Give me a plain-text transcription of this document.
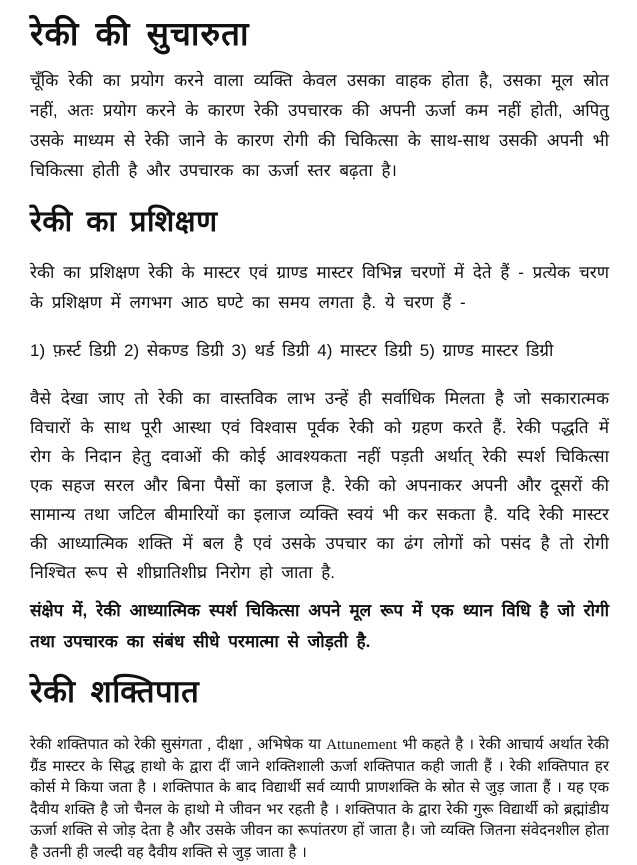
रेकी की सुचारुता

चूँकि रेकी का प्रयोग करने वाला व्यक्ति केवल उसका वाहक होता है, उसका मूल स्रोत नहीं, अतः प्रयोग करने के कारण रेकी उपचारक की अपनी ऊर्जा कम नहीं होती, अपितु उसके माध्यम से रेकी जाने के कारण रोगी की चिकित्सा के साथ-साथ उसकी अपनी भी चिकित्सा होती है और उपचारक का ऊर्जा स्तर बढ़ता है।

रेकी का प्रशिक्षण

रेकी का प्रशिक्षण रेकी के मास्टर एवं ग्राण्ड मास्टर विभिन्न चरणों में देते हैं - प्रत्येक चरण के प्रशिक्षण में लगभग आठ घण्टे का समय लगता है. ये चरण हैं -

1) फ़र्स्ट डिग्री 2) सेकण्ड डिग्री 3) थर्ड डिग्री 4) मास्टर डिग्री 5) ग्राण्ड मास्टर डिग्री

वैसे देखा जाए तो रेकी का वास्तविक लाभ उन्हें ही सर्वाधिक मिलता है जो सकारात्मक विचारों के साथ पूरी आस्था एवं विश्वास पूर्वक रेकी को ग्रहण करते हैं. रेकी पद्धति में रोग के निदान हेतु दवाओं की कोई आवश्यकता नहीं पड़ती अर्थात् रेकी स्पर्श चिकित्सा एक सहज सरल और बिना पैसों का इलाज है. रेकी को अपनाकर अपनी और दूसरों की सामान्य तथा जटिल बीमारियों का इलाज व्यक्ति स्वयं भी कर सकता है. यदि रेकी मास्टर की आध्यात्मिक शक्ति में बल है एवं उसके उपचार का ढंग लोगों को पसंद है तो रोगी निश्चित रूप से शीघ्रातिशीघ्र निरोग हो जाता है.

संक्षेप में, रेकी आध्यात्मिक स्पर्श चिकित्सा अपने मूल रूप में एक ध्यान विधि है जो रोगी तथा उपचारक का संबंध सीधे परमात्मा से जोड़ती है.

रेकी शक्तिपात

रेकी शक्तिपात को रेकी सुसंगता , दीक्षा , अभिषेक या Attunement भी कहते है । रेकी आचार्य अर्थात रेकी ग्रैंड मास्टर के सिद्ध हाथो के द्वारा दीं जाने शक्तिशाली ऊर्जा शक्तिपात कही जाती हैं । रेकी शक्तिपात हर कोर्स मे किया जता है । शक्तिपात के बाद विद्यार्थी सर्व व्यापी प्राणशक्ति के स्रोत से जुड़ जाता हैं । यह एक दैवीय शक्ति है जो चैनल के हाथो मे जीवन भर रहती है । शक्तिपात के द्वारा रेकी गुरू विद्यार्थी को ब्रह्मांडीय ऊर्जा शक्ति से जोड़ देता है और उसके जीवन का रूपांतरण हों जाता है। जो व्यक्ति जितना संवेदनशील होता है उतनी ही जल्दी वह दैवीय शक्ति से जुड़ जाता है ।
